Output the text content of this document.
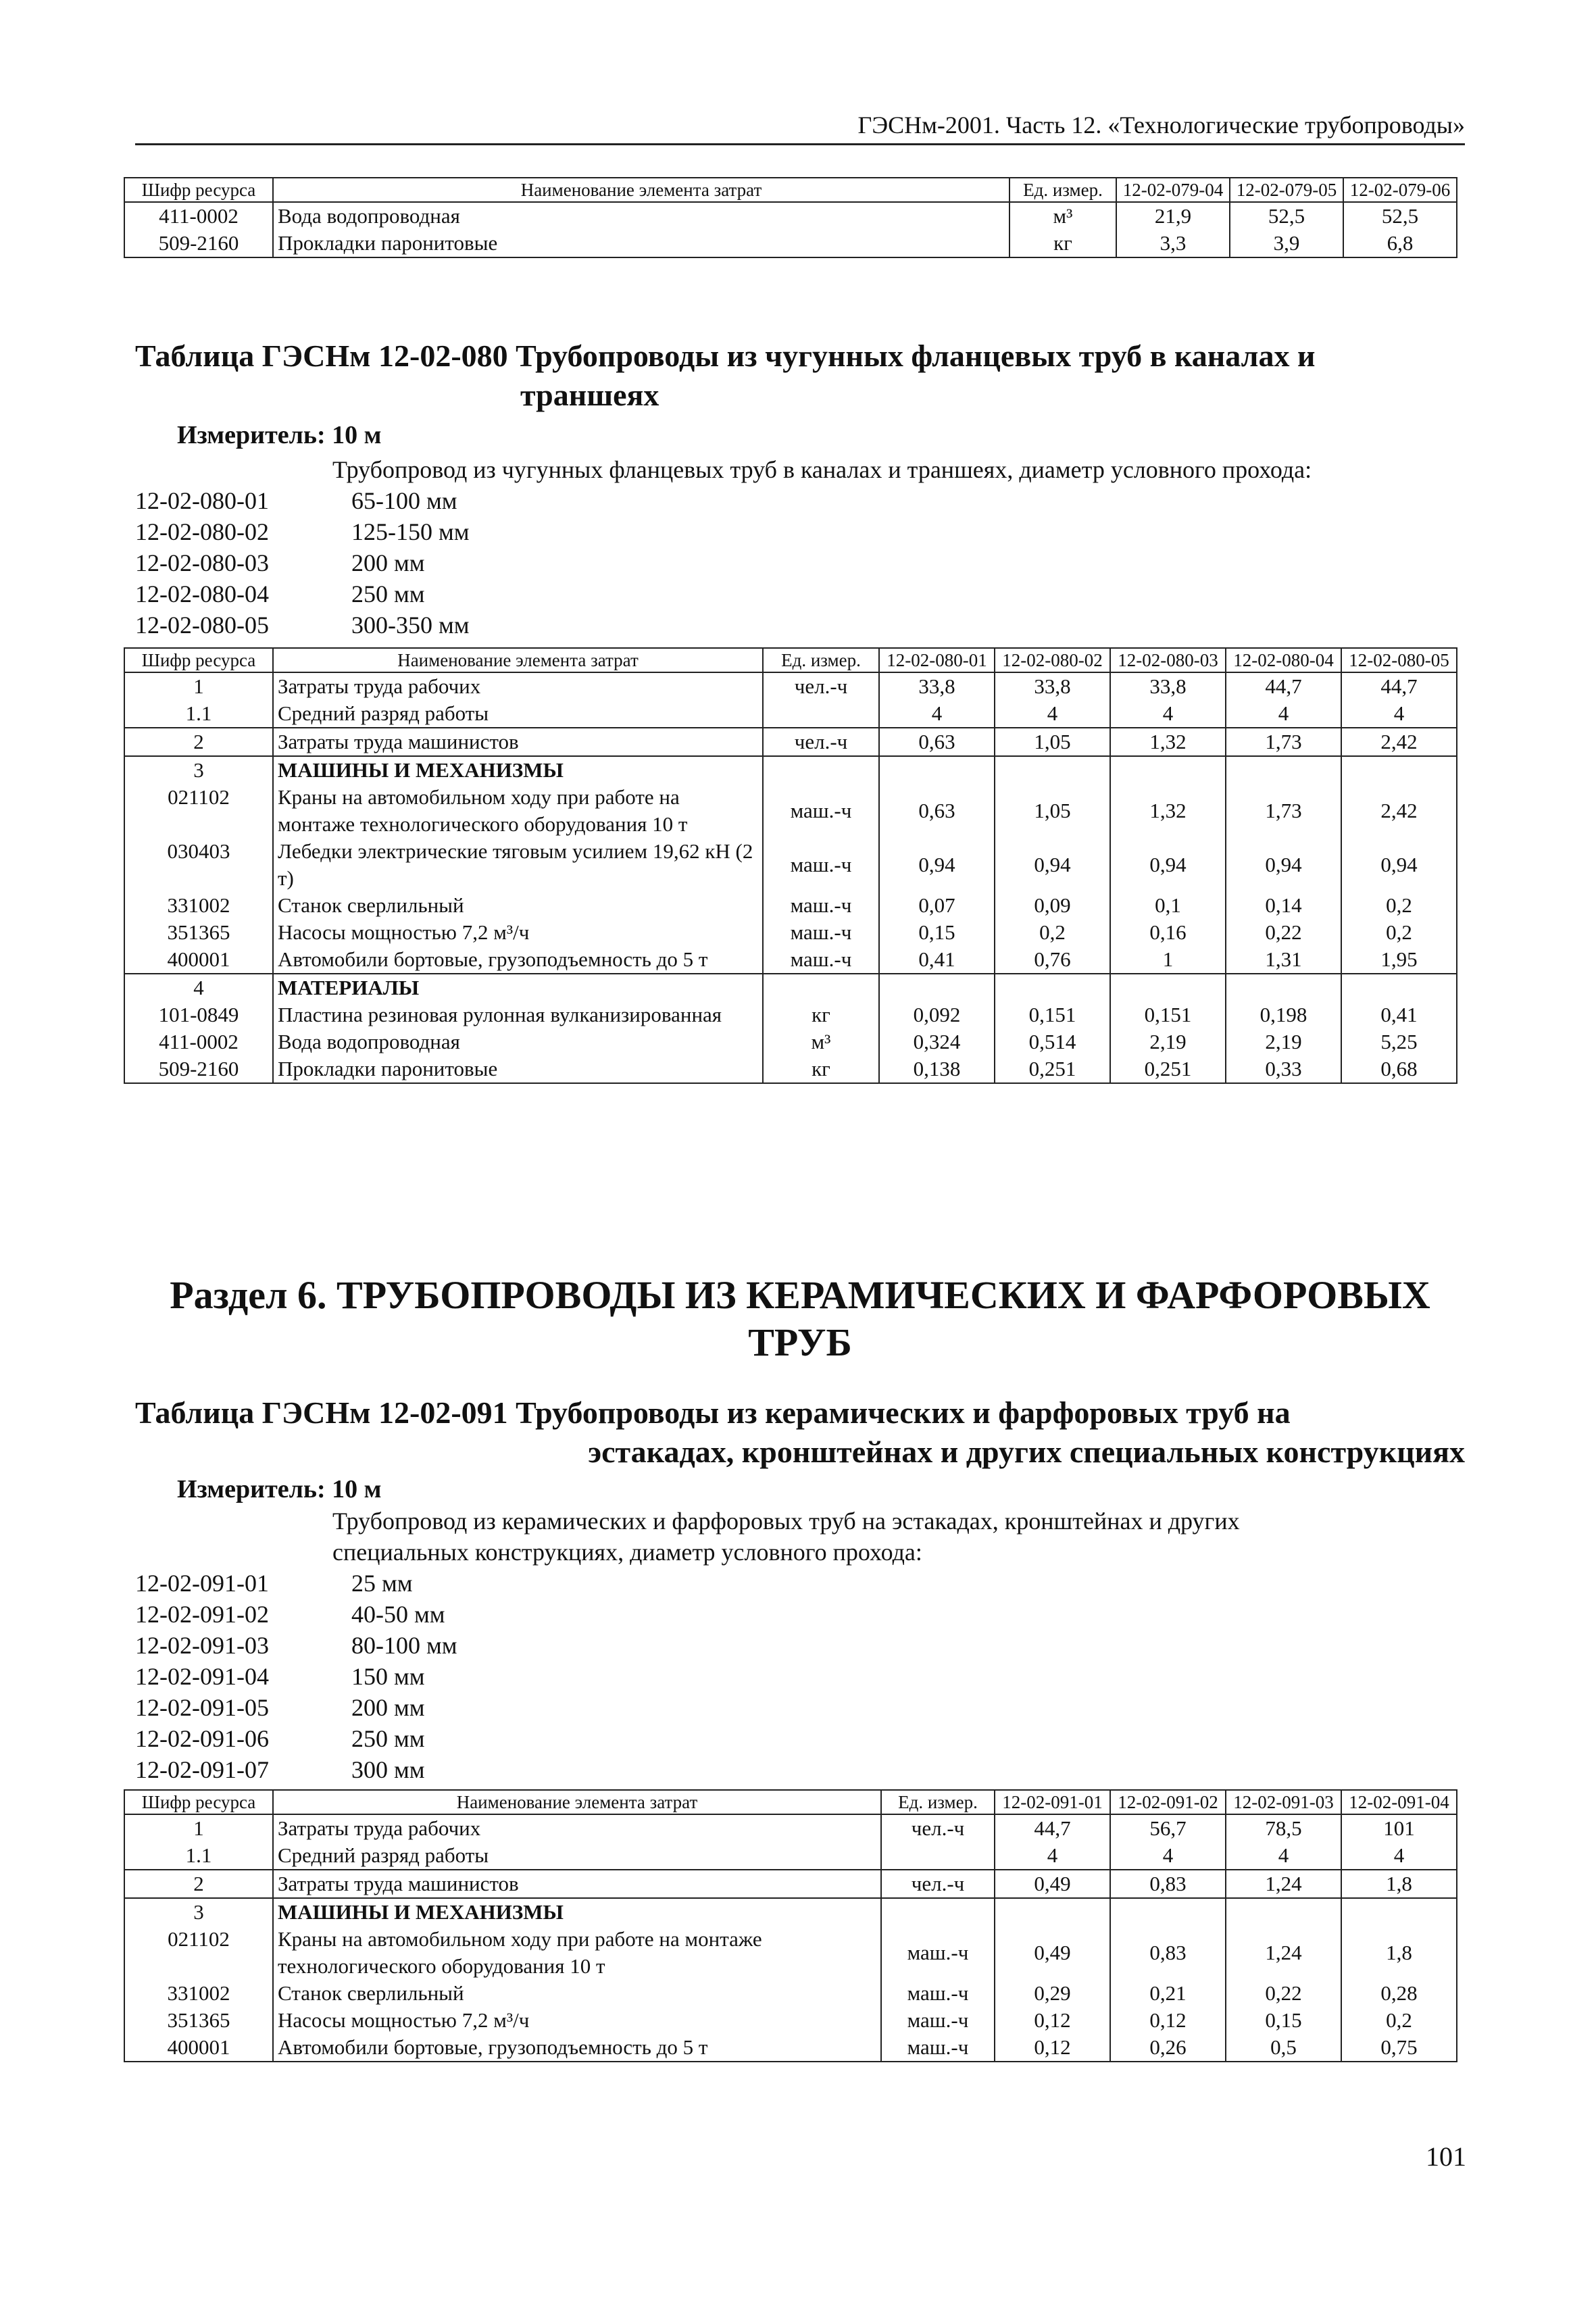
ГЭСНм-2001. Часть 12. «Технологические трубопроводы»
Шифр ресурса	Наименование элемента затрат	Ед. измер.	12-02-079-04	12-02-079-05	12-02-079-06
411-0002	Вода водопроводная	м³	21,9	52,5	52,5
509-2160	Прокладки паронитовые	кг	3,3	3,9	6,8
Таблица ГЭСНм 12-02-080 Трубопроводы из чугунных фланцевых труб в каналах и
траншеях
Измеритель: 10 м
Трубопровод из чугунных фланцевых труб в каналах и траншеях, диаметр условного прохода:
12-02-080-01	65-100 мм
12-02-080-02	125-150 мм
12-02-080-03	200 мм
12-02-080-04	250 мм
12-02-080-05	300-350 мм
Шифр ресурса	Наименование элемента затрат	Ед. измер.	12-02-080-01	12-02-080-02	12-02-080-03	12-02-080-04	12-02-080-05
1	Затраты труда рабочих	чел.-ч	33,8	33,8	33,8	44,7	44,7
1.1	Средний разряд работы		4	4	4	4	4
2	Затраты труда машинистов	чел.-ч	0,63	1,05	1,32	1,73	2,42
3	МАШИНЫ И МЕХАНИЗМЫ						
021102	Краны на автомобильном ходу при работе на монтаже технологического оборудования 10 т	маш.-ч	0,63	1,05	1,32	1,73	2,42
030403	Лебедки электрические тяговым усилием 19,62 кН (2 т)	маш.-ч	0,94	0,94	0,94	0,94	0,94
331002	Станок сверлильный	маш.-ч	0,07	0,09	0,1	0,14	0,2
351365	Насосы мощностью 7,2 м³/ч	маш.-ч	0,15	0,2	0,16	0,22	0,2
400001	Автомобили бортовые, грузоподъемность до 5 т	маш.-ч	0,41	0,76	1	1,31	1,95
4	МАТЕРИАЛЫ						
101-0849	Пластина резиновая рулонная вулканизированная	кг	0,092	0,151	0,151	0,198	0,41
411-0002	Вода водопроводная	м³	0,324	0,514	2,19	2,19	5,25
509-2160	Прокладки паронитовые	кг	0,138	0,251	0,251	0,33	0,68
Раздел 6. ТРУБОПРОВОДЫ ИЗ КЕРАМИЧЕСКИХ И ФАРФОРОВЫХ
ТРУБ
Таблица ГЭСНм 12-02-091 Трубопроводы из керамических и фарфоровых труб на
эстакадах, кронштейнах и других специальных конструкциях
Измеритель: 10 м
Трубопровод из керамических и фарфоровых труб на эстакадах, кронштейнах и других
специальных конструкциях, диаметр условного прохода:
12-02-091-01	25 мм
12-02-091-02	40-50 мм
12-02-091-03	80-100 мм
12-02-091-04	150 мм
12-02-091-05	200 мм
12-02-091-06	250 мм
12-02-091-07	300 мм
Шифр ресурса	Наименование элемента затрат	Ед. измер.	12-02-091-01	12-02-091-02	12-02-091-03	12-02-091-04
1	Затраты труда рабочих	чел.-ч	44,7	56,7	78,5	101
1.1	Средний разряд работы		4	4	4	4
2	Затраты труда машинистов	чел.-ч	0,49	0,83	1,24	1,8
3	МАШИНЫ И МЕХАНИЗМЫ					
021102	Краны на автомобильном ходу при работе на монтаже технологического оборудования 10 т	маш.-ч	0,49	0,83	1,24	1,8
331002	Станок сверлильный	маш.-ч	0,29	0,21	0,22	0,28
351365	Насосы мощностью 7,2 м³/ч	маш.-ч	0,12	0,12	0,15	0,2
400001	Автомобили бортовые, грузоподъемность до 5 т	маш.-ч	0,12	0,26	0,5	0,75
101
